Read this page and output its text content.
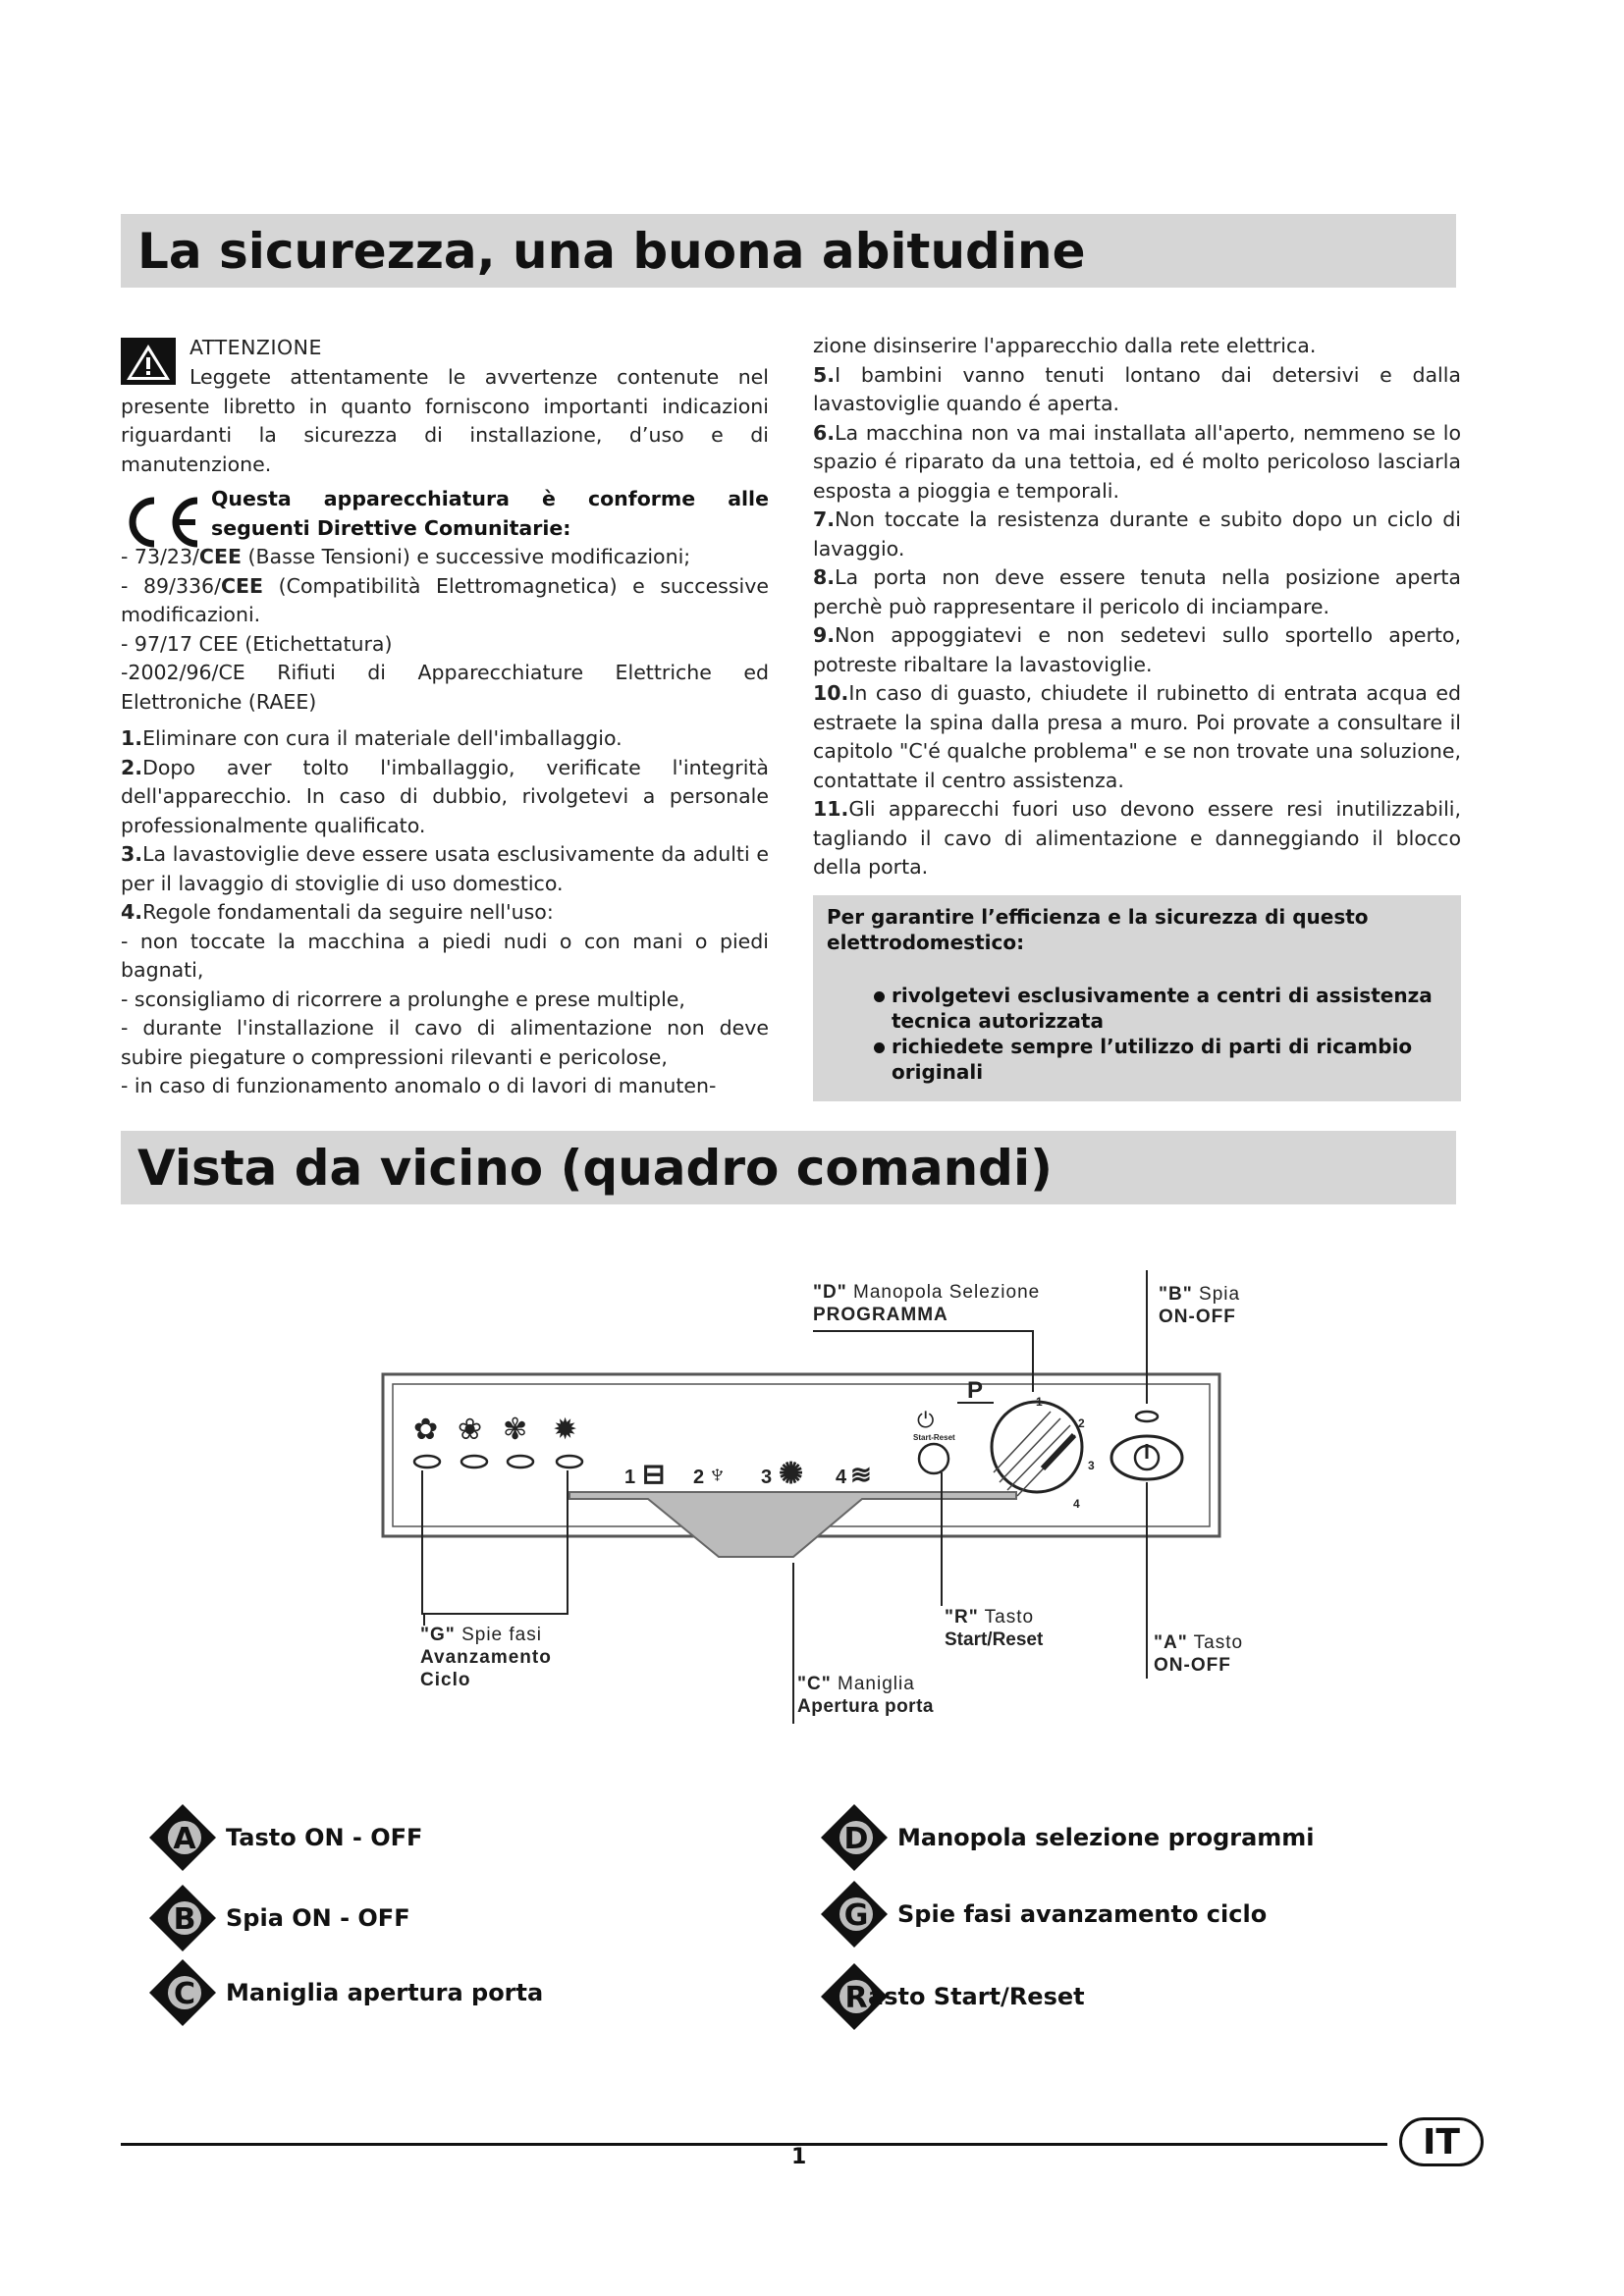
La sicurezza, una buona abitudine

ATTENZIONE

Leggete attentamente le avvertenze contenute nel presente libretto in quanto forniscono importanti indicazioni riguardanti la sicurezza di installazione, d’uso e di manutenzione.

Questa apparecchiatura è conforme alle seguenti Direttive Comunitarie:

- 73/23/CEE (Basse Tensioni) e successive modificazioni;

- 89/336/CEE (Compatibilità Elettromagnetica) e successive modificazioni.

- 97/17 CEE (Etichettatura)

-2002/96/CE Rifiuti di Apparecchiature Elettriche ed Elettroniche (RAEE)

1.Eliminare con cura il materiale dell'imballaggio.

2.Dopo aver tolto l'imballaggio, verificate l'integrità dell'apparecchio. In caso di dubbio, rivolgetevi a personale professionalmente qualificato.

3.La lavastoviglie deve essere usata esclusivamente da adulti e per il lavaggio di stoviglie di uso domestico.

4.Regole fondamentali da seguire nell'uso:

- non toccate la macchina a piedi nudi o con mani o piedi bagnati,

- sconsigliamo di ricorrere a prolunghe e prese multiple,

- durante l'installazione il cavo di alimentazione non deve subire piegature o compressioni rilevanti e pericolose,

- in caso di funzionamento anomalo o di lavori di manuten-

zione disinserire l'apparecchio dalla rete elettrica.

5.I bambini vanno tenuti lontano dai detersivi e dalla lavastoviglie quando é aperta.

6.La macchina non va mai installata all'aperto, nemmeno se lo spazio é riparato da una tettoia, ed é molto pericoloso lasciarla esposta a pioggia e temporali.

7.Non toccate la resistenza durante e subito dopo un ciclo di lavaggio.

8.La porta non deve essere tenuta nella posizione aperta perchè può rappresentare il pericolo di inciampare.

9.Non appoggiatevi e non sedetevi sullo sportello aperto, potreste ribaltare la lavastoviglie.

10.In caso di guasto, chiudete il rubinetto di entrata acqua ed estraete la spina dalla presa a muro. Poi provate a consultare il capitolo "C'é qualche problema" e se non trovate una soluzione, contattate il centro assistenza.

11.Gli apparecchi fuori uso devono essere resi inutilizzabili, tagliando il cavo di alimentazione e danneggiando il blocco della porta.

Per garantire l’efficienza e la sicurezza di questo elettrodomestico:

rivolgetevi esclusivamente a centri di assistenza tecnica autorizzata
richiedete sempre l’utilizzo di parti di ricambio originali
Vista da vicino (quadro comandi)
✿ ❀ ✾ ✹
1 ⊟ 2 ♆ 3 ✺ 4 ≋
⏻
Start-Reset
P	1
2
3
4
"D" Manopola Selezione
PROGRAMMA
"B" Spia
ON-OFF
"G" Spie fasi
Avanzamento
Ciclo
"R" Tasto
Start/Reset	"A" Tasto
ON-OFF
"C" Maniglia
Apertura porta
A Tasto ON - OFF
B Spia ON - OFF
C Maniglia apertura porta
D Manopola selezione programmi
G Spie fasi avanzamento ciclo
R asto Start/Reset
1	IT
